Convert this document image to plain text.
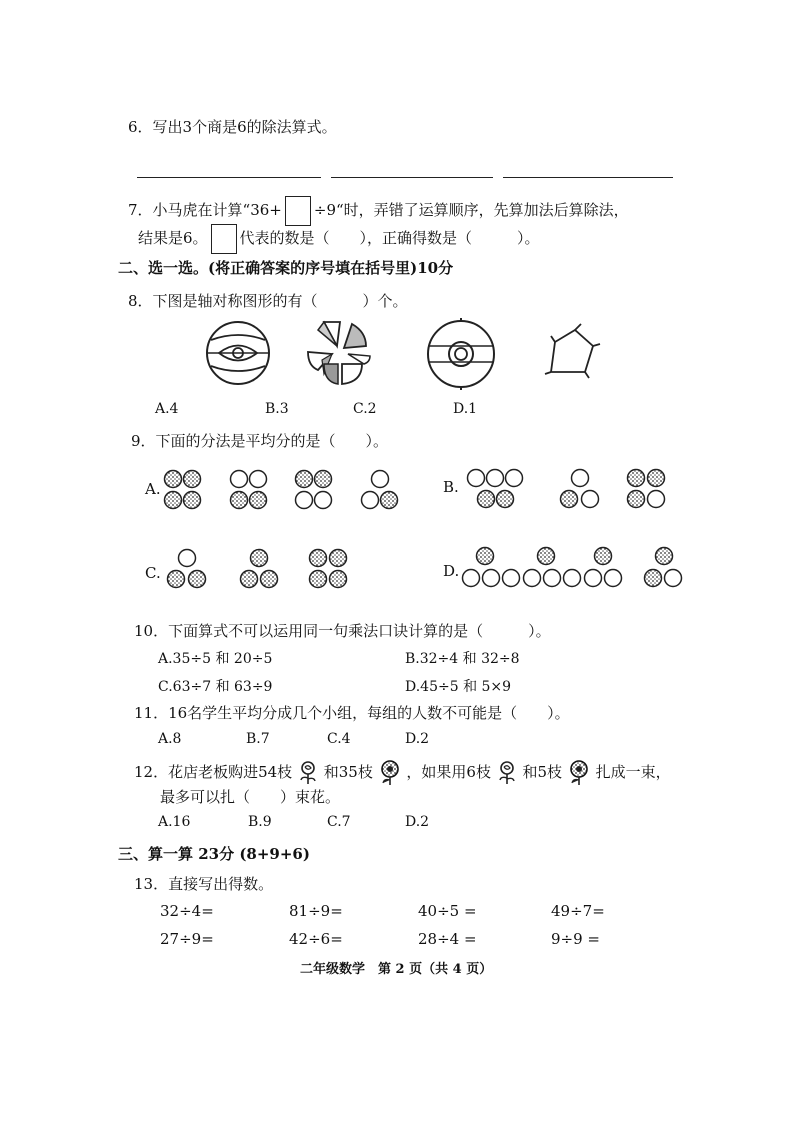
6．写出3个商是6的除法算式。
7．小马虎在计算“36+ ÷9“时，弄错了运算顺序，先算加法后算除法，
结果是6。 代表的数是（　　），正确得数是（　　　）。
二、选一选。(将正确答案的序号填在括号里)10分
8．下图是轴对称图形的有（　　　）个。
A.4	B.3	C.2	D.1
9．下面的分法是平均分的是（　　）。
A.	B.
C.	D.
10．下面算式不可以运用同一句乘法口诀计算的是（　　　）。
A.35÷5 和 20÷5	B.32÷4 和 32÷8
C.63÷7 和 63÷9	D.45÷5 和 5×9
11．16名学生平均分成几个小组，每组的人数不可能是（　　）。
A.8	B.7	C.4	D.2
12．花店老板购进54枝 和35枝 ，如果用6枝 和5枝 扎成一束，
最多可以扎（　　）束花。
A.16	B.9	C.7	D.2
三、算一算 23分 (8+9+6)
13．直接写出得数。
32÷4=	81÷9=	40÷5 =	49÷7=
27÷9=	42÷6=	28÷4 =	9÷9 =
二年级数学　第 2 页（共 4 页）
